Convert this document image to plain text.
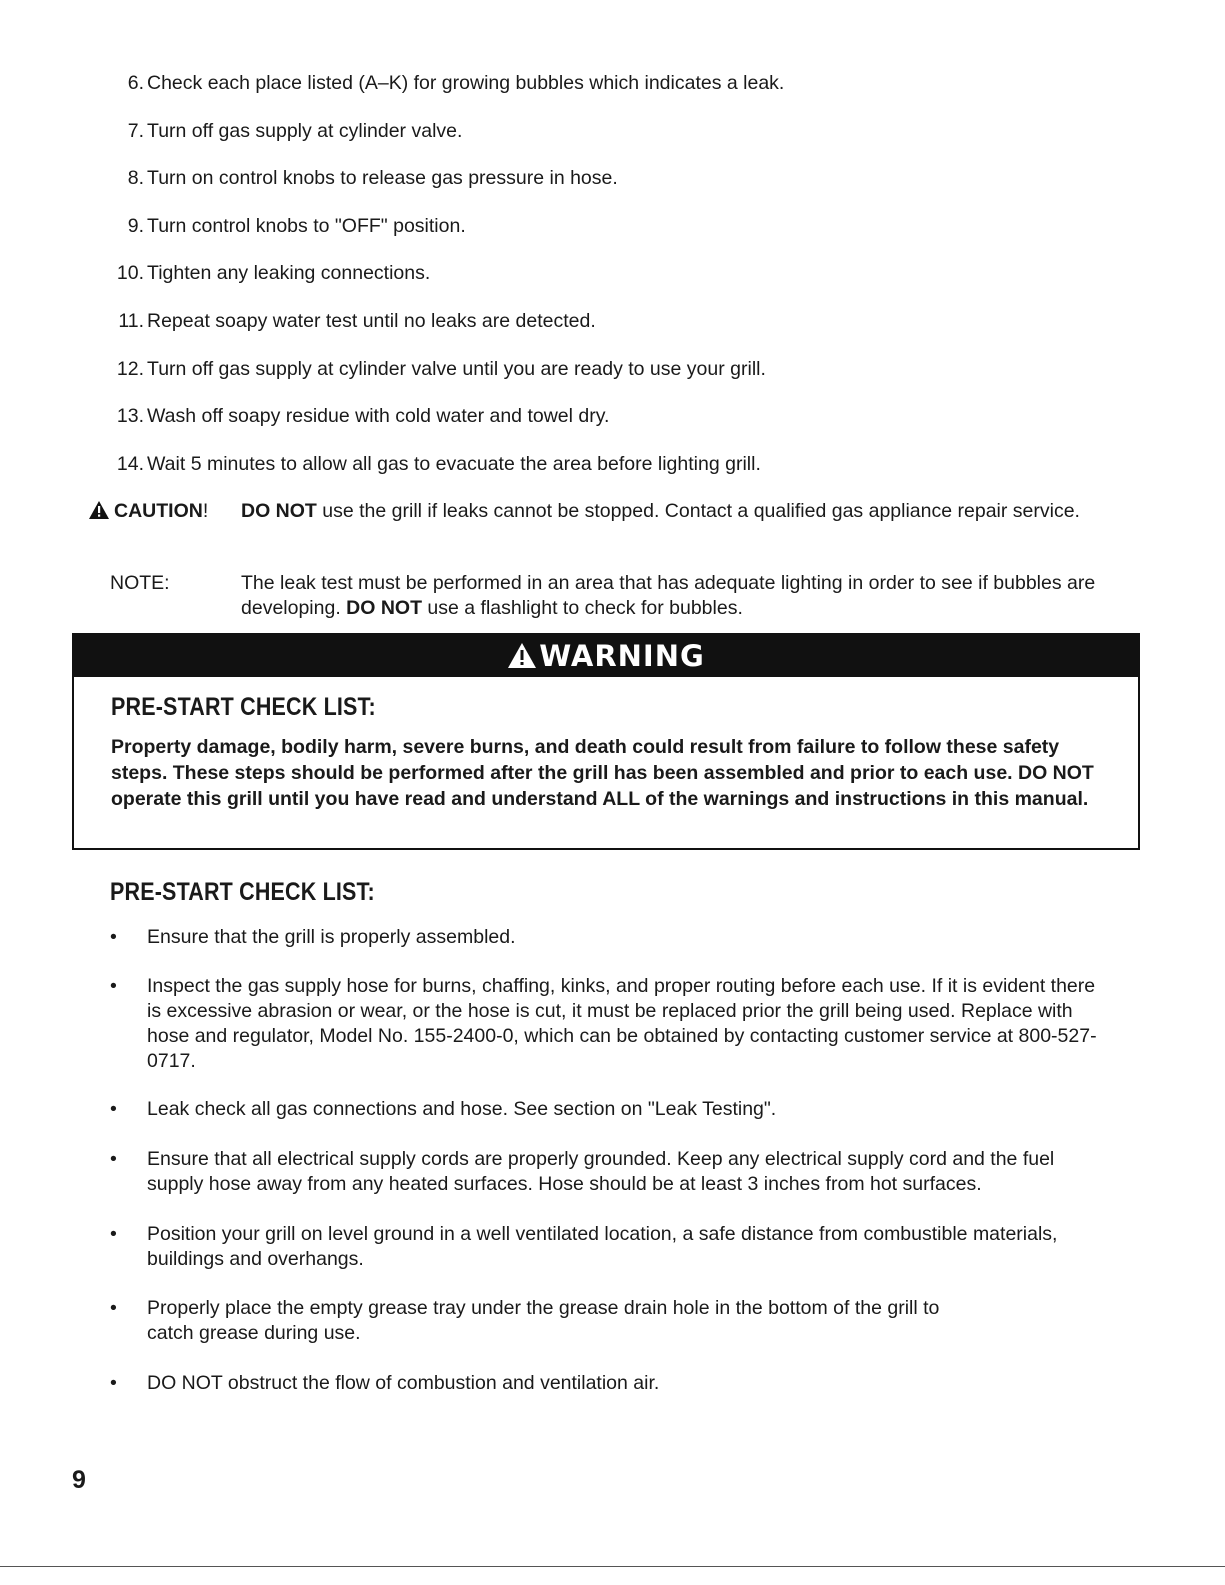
6. Check each place listed (A–K) for growing bubbles which indicates a leak.
7. Turn off gas supply at cylinder valve.
8. Turn on control knobs to release gas pressure in hose.
9. Turn control knobs to "OFF" position.
10. Tighten any leaking connections.
11. Repeat soapy water test until no leaks are detected.
12. Turn off gas supply at cylinder valve until you are ready to use your grill.
13. Wash off soapy residue with cold water and towel dry.
14. Wait 5 minutes to allow all gas to evacuate the area before lighting grill.
CAUTION! DO NOT use the grill if leaks cannot be stopped. Contact a qualified gas appliance repair service.
NOTE:	The leak test must be performed in an area that has adequate lighting in order to see if bubbles are developing. DO NOT use a flashlight to check for bubbles.
WARNING
PRE-START CHECK LIST:
Property damage, bodily harm, severe burns, and death could result from failure to follow these safety steps. These steps should be performed after the grill has been assembled and prior to each use. DO NOT operate this grill until you have read and understand ALL of the warnings and instructions in this manual.
PRE-START CHECK LIST:
• Ensure that the grill is properly assembled.
• Inspect the gas supply hose for burns, chaffing, kinks, and proper routing before each use. If it is evident there is excessive abrasion or wear, or the hose is cut, it must be replaced prior the grill being used. Replace with hose and regulator, Model No. 155-2400-0, which can be obtained by contacting customer service at 800-527-0717.
• Leak check all gas connections and hose. See section on "Leak Testing".
• Ensure that all electrical supply cords are properly grounded. Keep any electrical supply cord and the fuel supply hose away from any heated surfaces. Hose should be at least 3 inches from hot surfaces.
• Position your grill on level ground in a well ventilated location, a safe distance from combustible materials, buildings and overhangs.
• Properly place the empty grease tray under the grease drain hole in the bottom of the grill to catch grease during use.
• DO NOT obstruct the flow of combustion and ventilation air.
9
